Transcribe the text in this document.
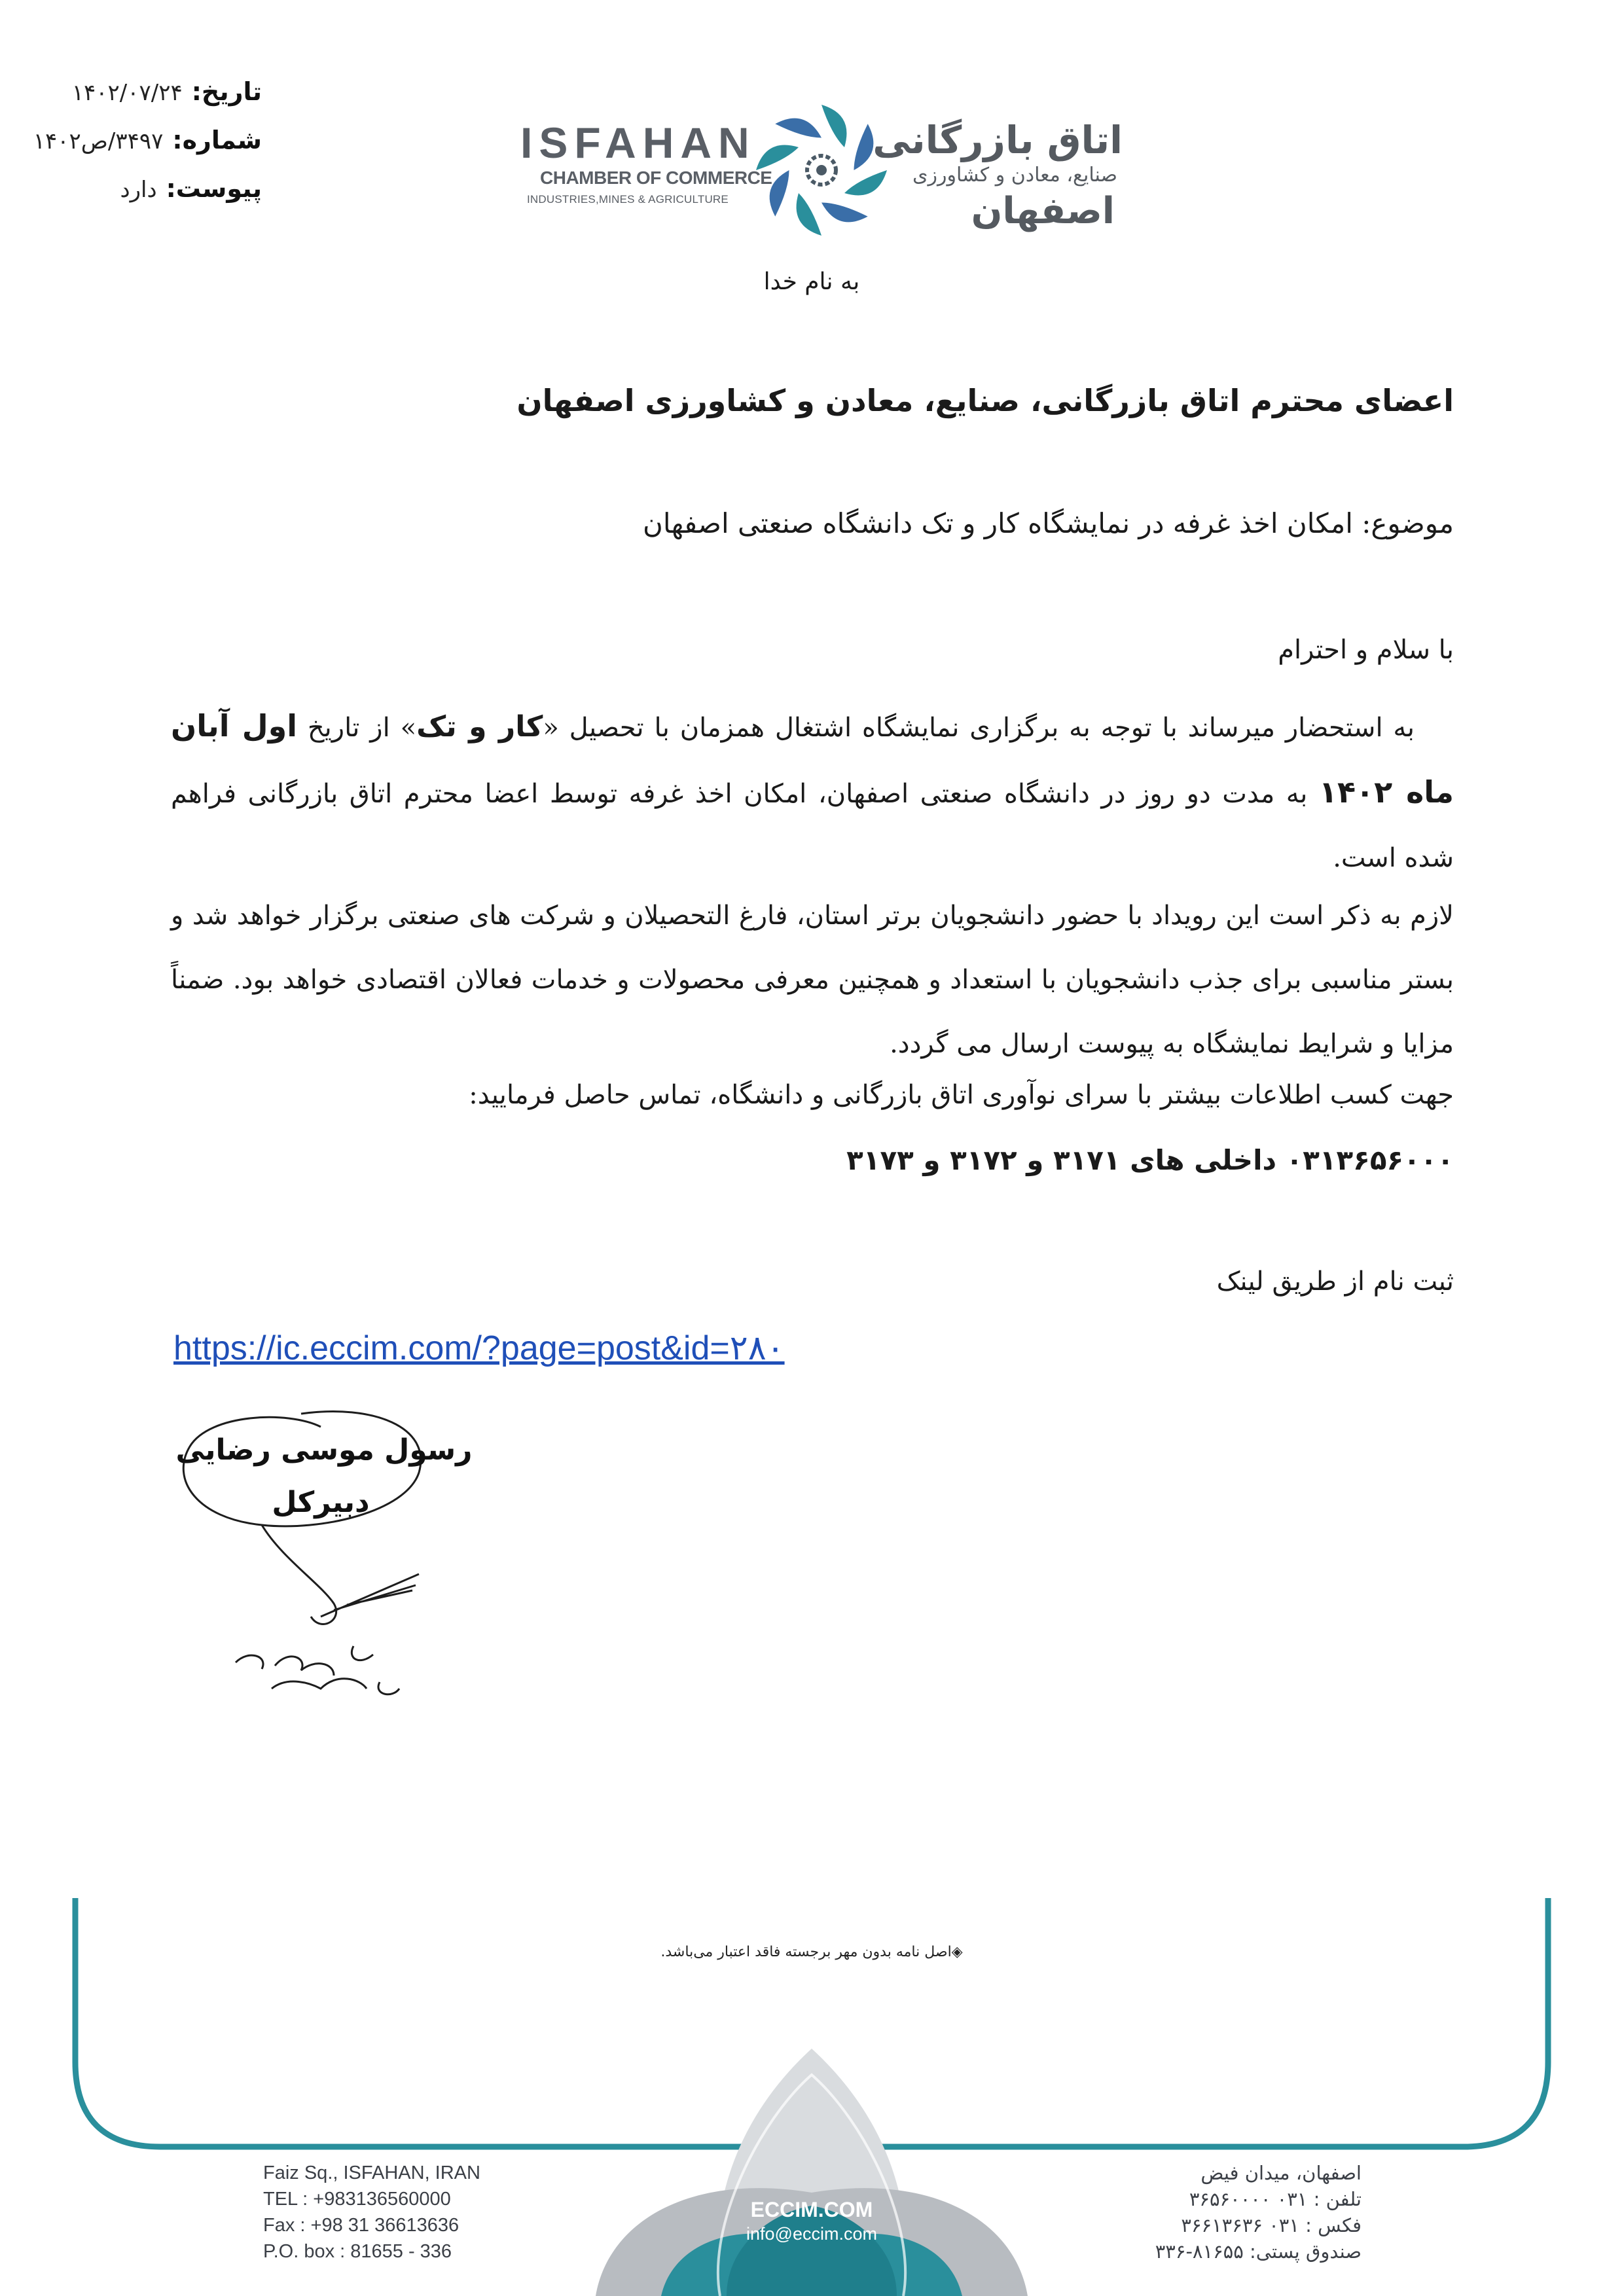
تاریخ:
۱۴۰۲/۰۷/۲۴
شماره:
۳۴۹۷/ص۱۴۰۲
پیوست:
دارد
ISFAHAN
CHAMBER OF COMMERCE
INDUSTRIES,MINES & AGRICULTURE
اتاق بازرگانی
صنایع، معادن و کشاورزی
اصفهان
به نام خدا
اعضای محترم اتاق بازرگانی، صنایع، معادن و کشاورزی اصفهان
موضوع: امکان اخذ غرفه در نمایشگاه کار و تک دانشگاه صنعتی اصفهان
با سلام و احترام
به استحضار میرساند با توجه به برگزاری نمایشگاه اشتغال همزمان با تحصیل «کار و تک» از تاریخ اول آبان ماه ۱۴۰۲ به مدت دو روز در دانشگاه صنعتی اصفهان، امکان اخذ غرفه توسط اعضا محترم اتاق بازرگانی فراهم شده است.
لازم به ذکر است این رویداد با حضور دانشجویان برتر استان، فارغ التحصیلان و شرکت های صنعتی برگزار خواهد شد و بستر مناسبی برای جذب دانشجویان با استعداد و همچنین معرفی محصولات و خدمات فعالان اقتصادی خواهد بود. ضمناً مزایا و شرایط نمایشگاه به پیوست ارسال می گردد.
جهت کسب اطلاعات بیشتر با سرای نوآوری اتاق بازرگانی و دانشگاه، تماس حاصل فرمایید:
۰۳۱۳۶۵۶۰۰۰ داخلی های ۳۱۷۱ و ۳۱۷۲ و ۳۱۷۳
ثبت نام از طریق لینک
https://ic.eccim.com/?page=post&id=۲۸۰
رسول موسی رضایی
دبیرکل
◈اصل نامه بدون مهر برجسته فاقد اعتبار می‌باشد.
ECCIM.COM
info@eccim.com
Faiz Sq., ISFAHAN, IRAN
TEL : +983136560000
Fax : +98 31 36613636
P.O. box : 81655 - 336
اصفهان، میدان فیض
تلفن : ۰۳۱ ۳۶۵۶۰۰۰۰
فکس : ۰۳۱ ۳۶۶۱۳۶۳۶
صندوق پستی: ۸۱۶۵۵-۳۳۶
